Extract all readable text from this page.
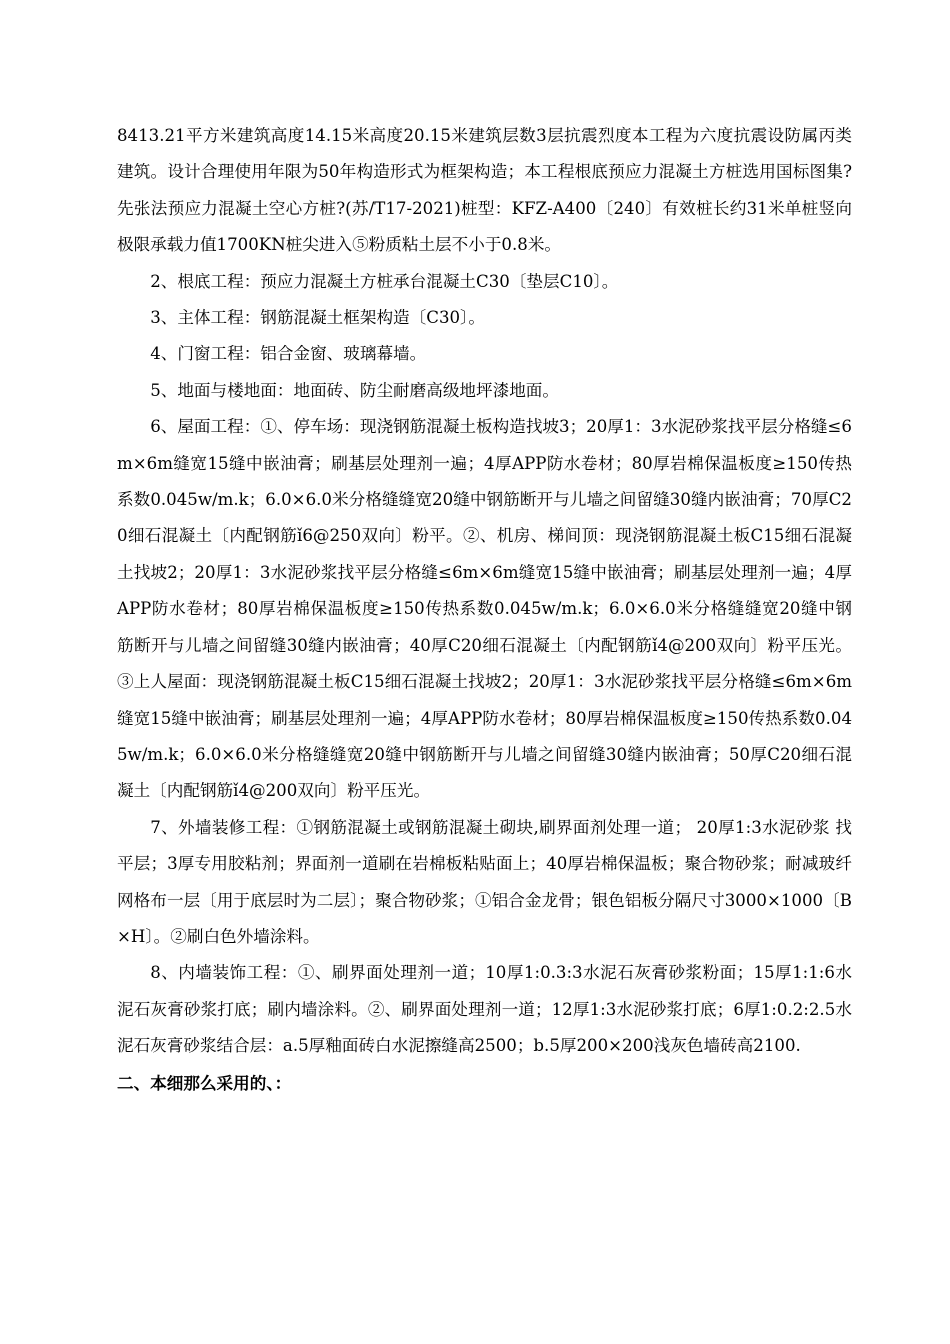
8413.21平方米建筑高度14.15米高度20.15米建筑层数3层抗震烈度本工程为六度抗震设防属丙类建筑。设计合理使用年限为50年构造形式为框架构造；本工程根底预应力混凝土方桩选用国标图集?先张法预应力混凝土空心方桩?(苏/T17-2021)桩型：KFZ-A400〔240〕有效桩长约31米单桩竖向极限承载力值1700KN桩尖进入⑤粉质粘土层不小于0.8米。

2、根底工程：预应力混凝土方桩承台混凝土C30〔垫层C10〕。

3、主体工程：钢筋混凝土框架构造〔C30〕。

4、门窗工程：铝合金窗、玻璃幕墙。

5、地面与楼地面：地面砖、防尘耐磨高级地坪漆地面。

6、屋面工程：①、停车场：现浇钢筋混凝土板构造找坡3；20厚1：3水泥砂浆找平层分格缝≤6m×6m缝宽15缝中嵌油膏；刷基层处理剂一遍；4厚APP防水卷材；80厚岩棉保温板度≥150传热系数0.045w/m.k；6.0×6.0米分格缝缝宽20缝中钢筋断开与儿墙之间留缝30缝内嵌油膏；70厚C20细石混凝土〔内配钢筋ǐ6@250双向〕粉平。②、机房、梯间顶：现浇钢筋混凝土板C15细石混凝土找坡2；20厚1：3水泥砂浆找平层分格缝≤6m×6m缝宽15缝中嵌油膏；刷基层处理剂一遍；4厚APP防水卷材；80厚岩棉保温板度≥150传热系数0.045w/m.k；6.0×6.0米分格缝缝宽20缝中钢筋断开与儿墙之间留缝30缝内嵌油膏；40厚C20细石混凝土〔内配钢筋ǐ4@200双向〕粉平压光。③上人屋面：现浇钢筋混凝土板C15细石混凝土找坡2；20厚1：3水泥砂浆找平层分格缝≤6m×6m缝宽15缝中嵌油膏；刷基层处理剂一遍；4厚APP防水卷材；80厚岩棉保温板度≥150传热系数0.045w/m.k；6.0×6.0米分格缝缝宽20缝中钢筋断开与儿墙之间留缝30缝内嵌油膏；50厚C20细石混凝土〔内配钢筋ǐ4@200双向〕粉平压光。

7、外墙装修工程：①钢筋混凝土或钢筋混凝土砌块,刷界面剂处理一道； 20厚1:3水泥砂浆 找平层；3厚专用胶粘剂；界面剂一道刷在岩棉板粘贴面上；40厚岩棉保温板；聚合物砂浆；耐减玻纤网格布一层〔用于底层时为二层〕；聚合物砂浆；①铝合金龙骨；银色铝板分隔尺寸3000×1000〔B×H〕。②刷白色外墙涂料。

8、内墙装饰工程：①、刷界面处理剂一道；10厚1:0.3:3水泥石灰膏砂浆粉面；15厚1:1:6水泥石灰膏砂浆打底；刷内墙涂料。②、刷界面处理剂一道；12厚1:3水泥砂浆打底；6厚1:0.2:2.5水泥石灰膏砂浆结合层：a.5厚釉面砖白水泥擦缝高2500；b.5厚200×200浅灰色墙砖高2100.

二、本细那么采用的、：
